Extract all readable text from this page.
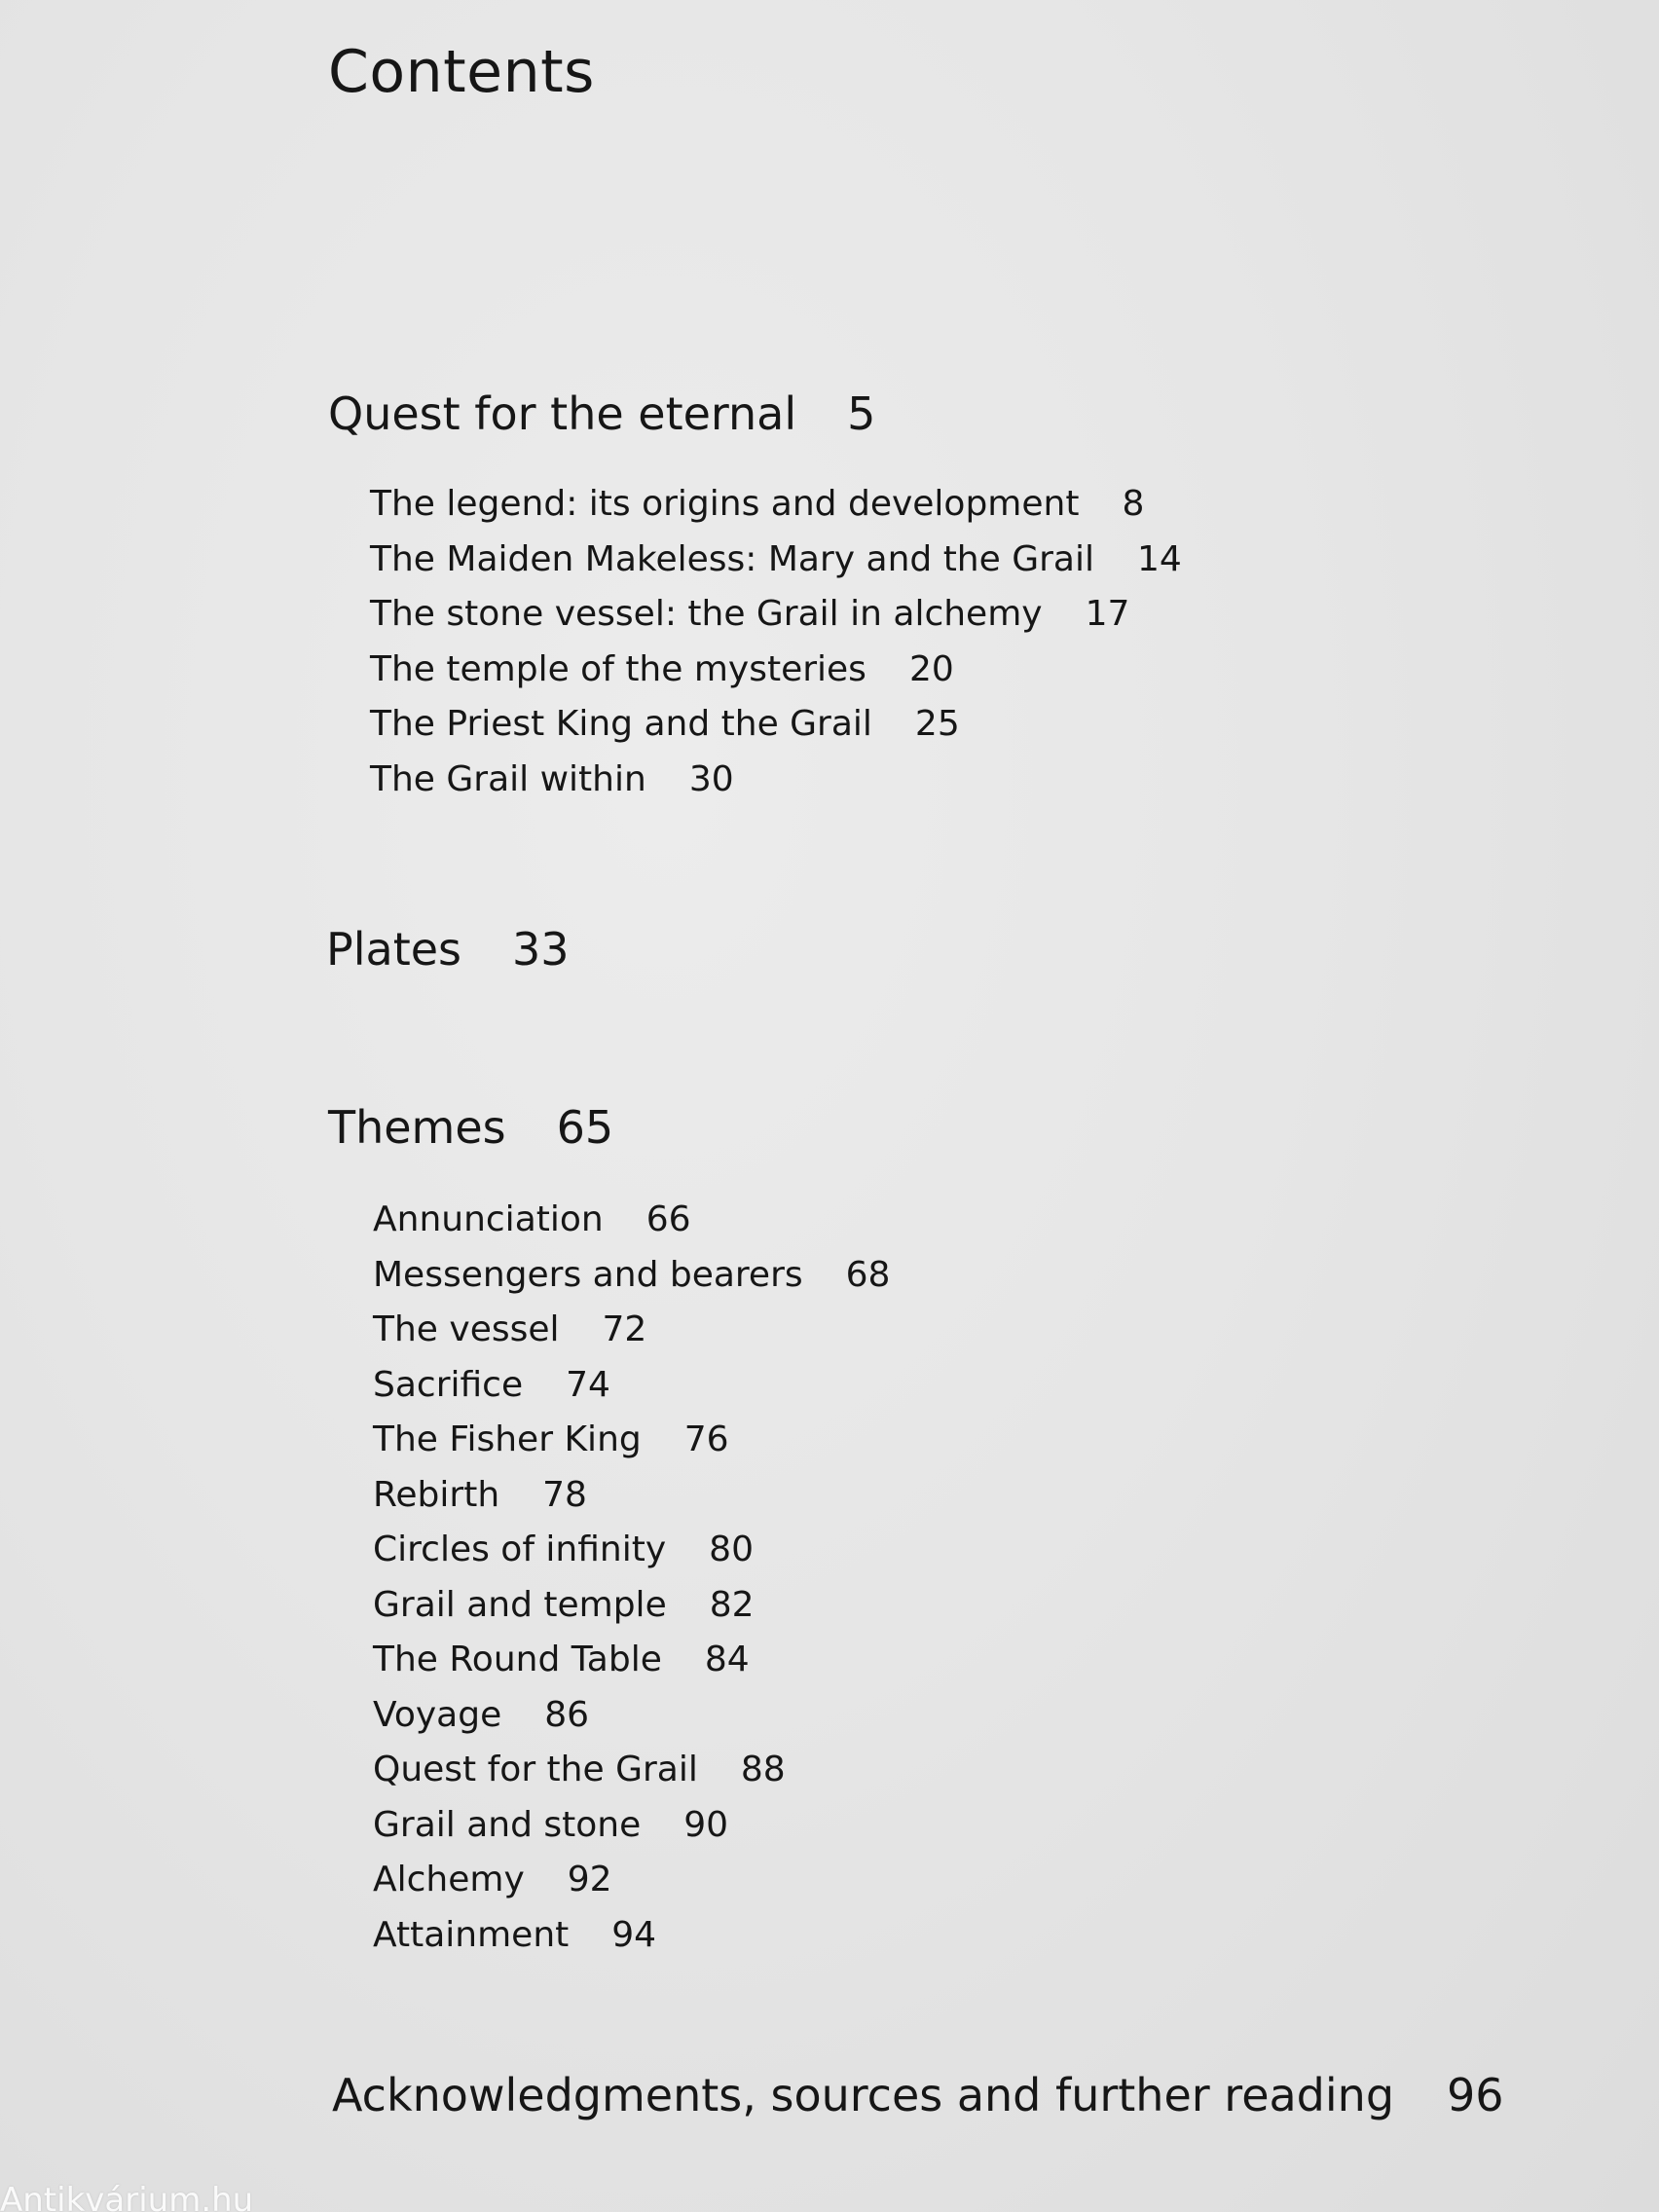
Contents
Quest for the eternal 5
The legend: its origins and development 8
The Maiden Makeless: Mary and the Grail 14
The stone vessel: the Grail in alchemy 17
The temple of the mysteries 20
The Priest King and the Grail 25
The Grail within 30
Plates 33
Themes 65
Annunciation 66
Messengers and bearers 68
The vessel 72
Sacrifice 74
The Fisher King 76
Rebirth 78
Circles of infinity 80
Grail and temple 82
The Round Table 84
Voyage 86
Quest for the Grail 88
Grail and stone 90
Alchemy 92
Attainment 94
Acknowledgments, sources and further reading 96
Antikvárium.hu
